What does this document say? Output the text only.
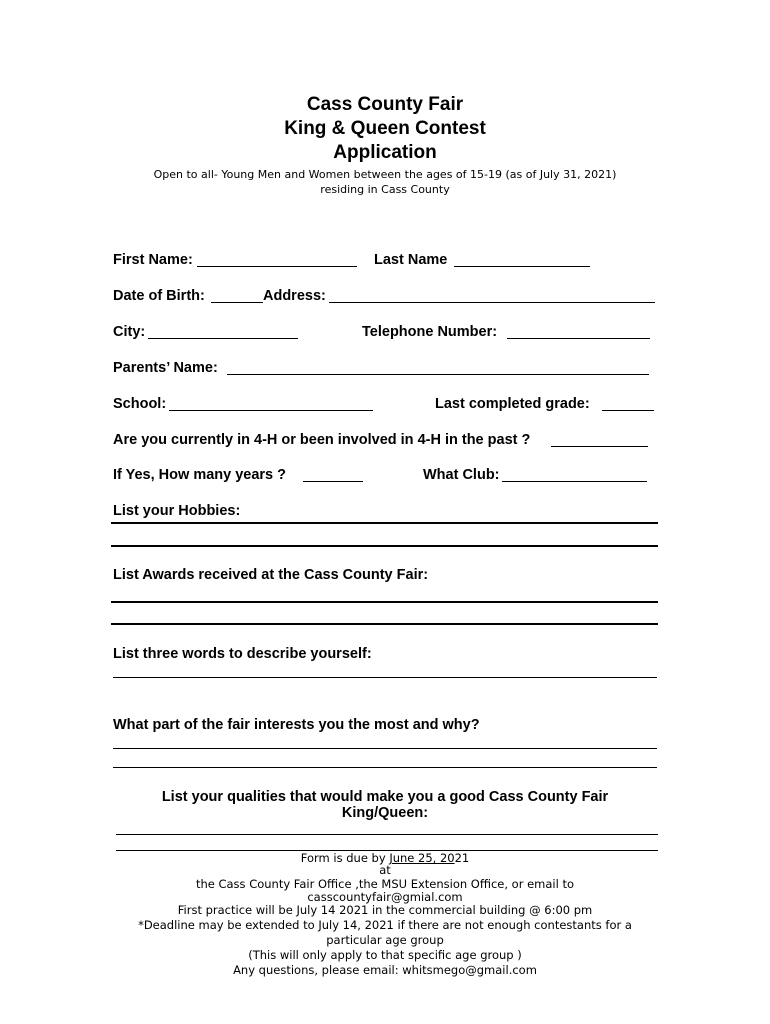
Cass County Fair
King & Queen Contest
Application
Open to all- Young Men and Women between the ages of 15-19 (as of July 31, 2021)
residing in Cass County
First Name:	Last Name
Date of Birth:	Address:
City:	Telephone Number:
Parents’ Name:
School:	Last completed grade:
Are you currently in 4-H or been involved in 4-H in the past ?
If Yes, How many years ?	What Club:
List your Hobbies:
List Awards received at the Cass County Fair:
List three words to describe yourself:
What part of the fair interests you the most and why?
List your qualities that would make you a good Cass County Fair
King/Queen:
Form is due by June 25, 2021
at
the Cass County Fair Office ,the MSU Extension Office, or email to
casscountyfair@gmial.com
First practice will be July 14 2021 in the commercial building @ 6:00 pm
*Deadline may be extended to July 14, 2021 if there are not enough contestants for a
particular age group
(This will only apply to that specific age group )
Any questions, please email: whitsmego@gmail.com
